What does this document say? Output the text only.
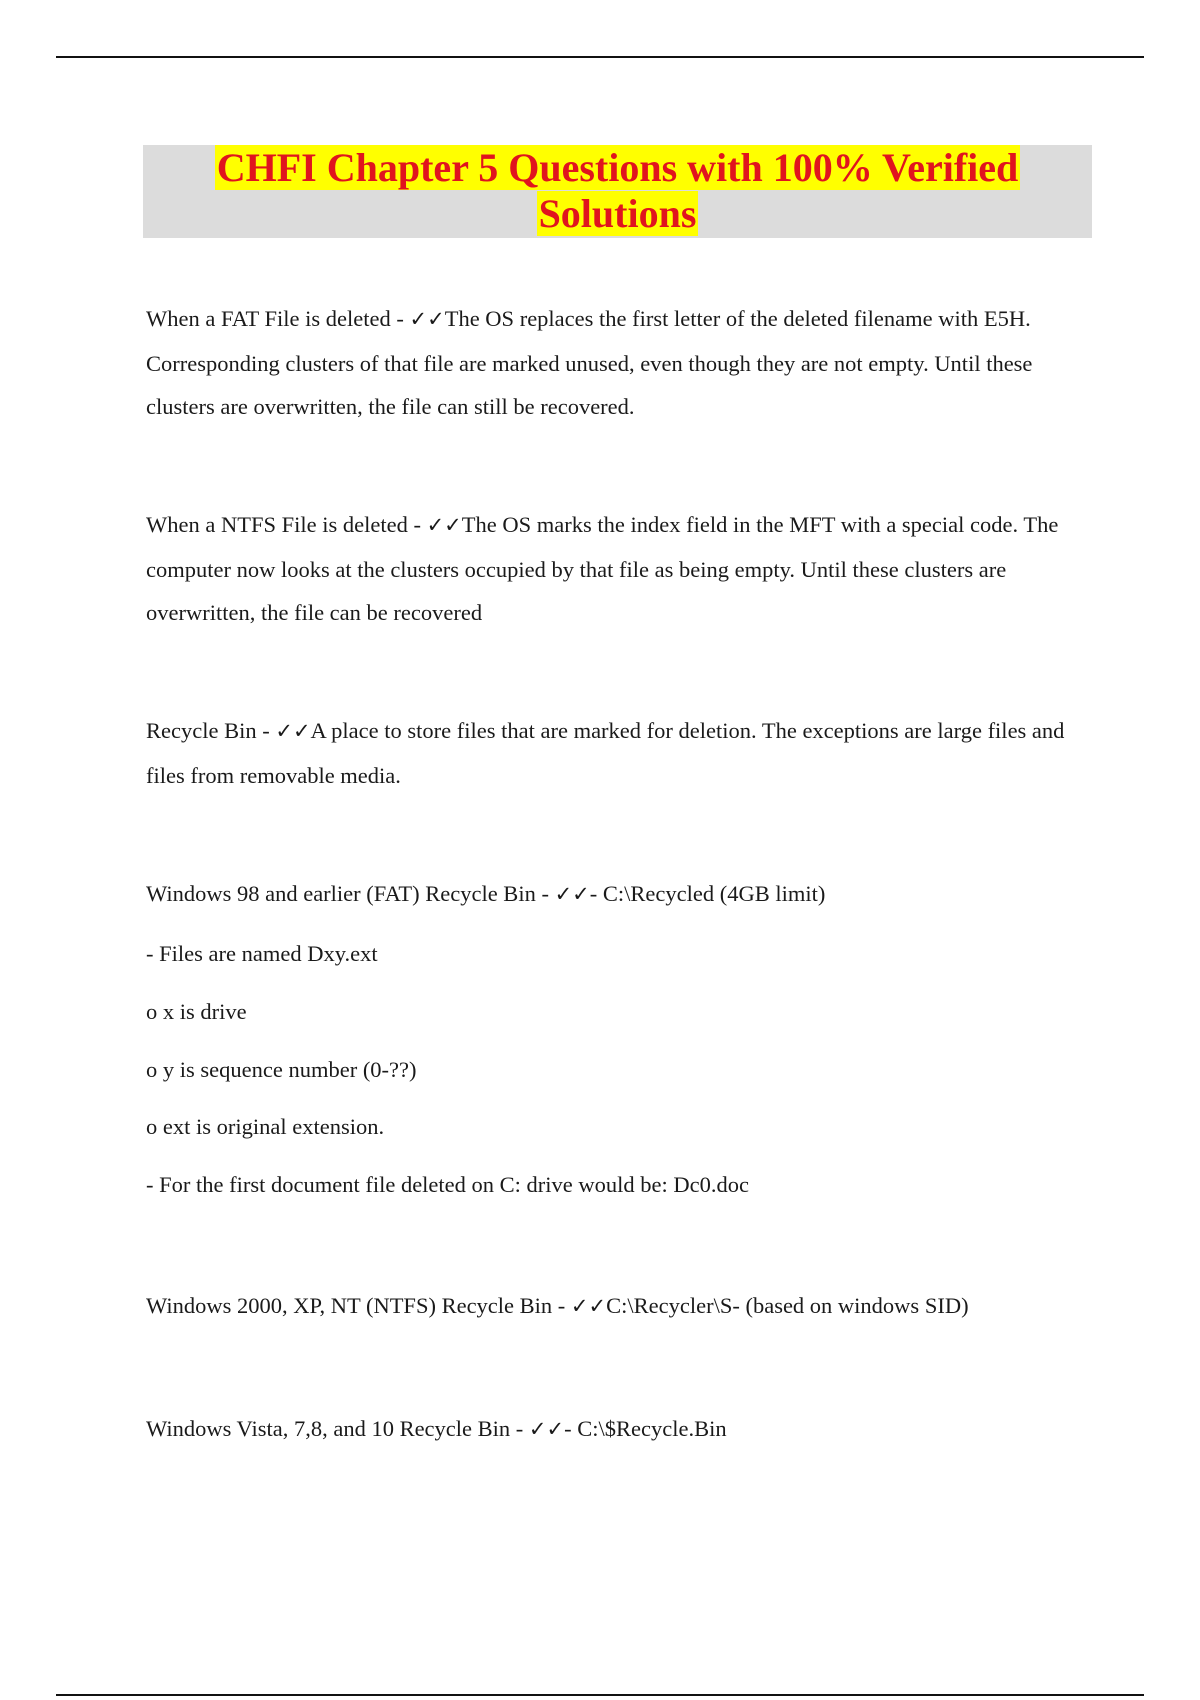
CHFI Chapter 5 Questions with 100% Verified
Solutions

When a FAT File is deleted - ✓✓The OS replaces the first letter of the deleted filename with E5H. Corresponding clusters of that file are marked unused, even though they are not empty. Until these clusters are overwritten, the file can still be recovered.

When a NTFS File is deleted - ✓✓The OS marks the index field in the MFT with a special code. The computer now looks at the clusters occupied by that file as being empty. Until these clusters are overwritten, the file can be recovered

Recycle Bin - ✓✓A place to store files that are marked for deletion. The exceptions are large files and files from removable media.

Windows 98 and earlier (FAT) Recycle Bin - ✓✓- C:\Recycled (4GB limit)

- Files are named Dxy.ext

o x is drive

o y is sequence number (0-??)

o ext is original extension.

- For the first document file deleted on C: drive would be: Dc0.doc

Windows 2000, XP, NT (NTFS) Recycle Bin - ✓✓C:\Recycler\S- (based on windows SID)

Windows Vista, 7,8, and 10 Recycle Bin - ✓✓- C:\$Recycle.Bin
